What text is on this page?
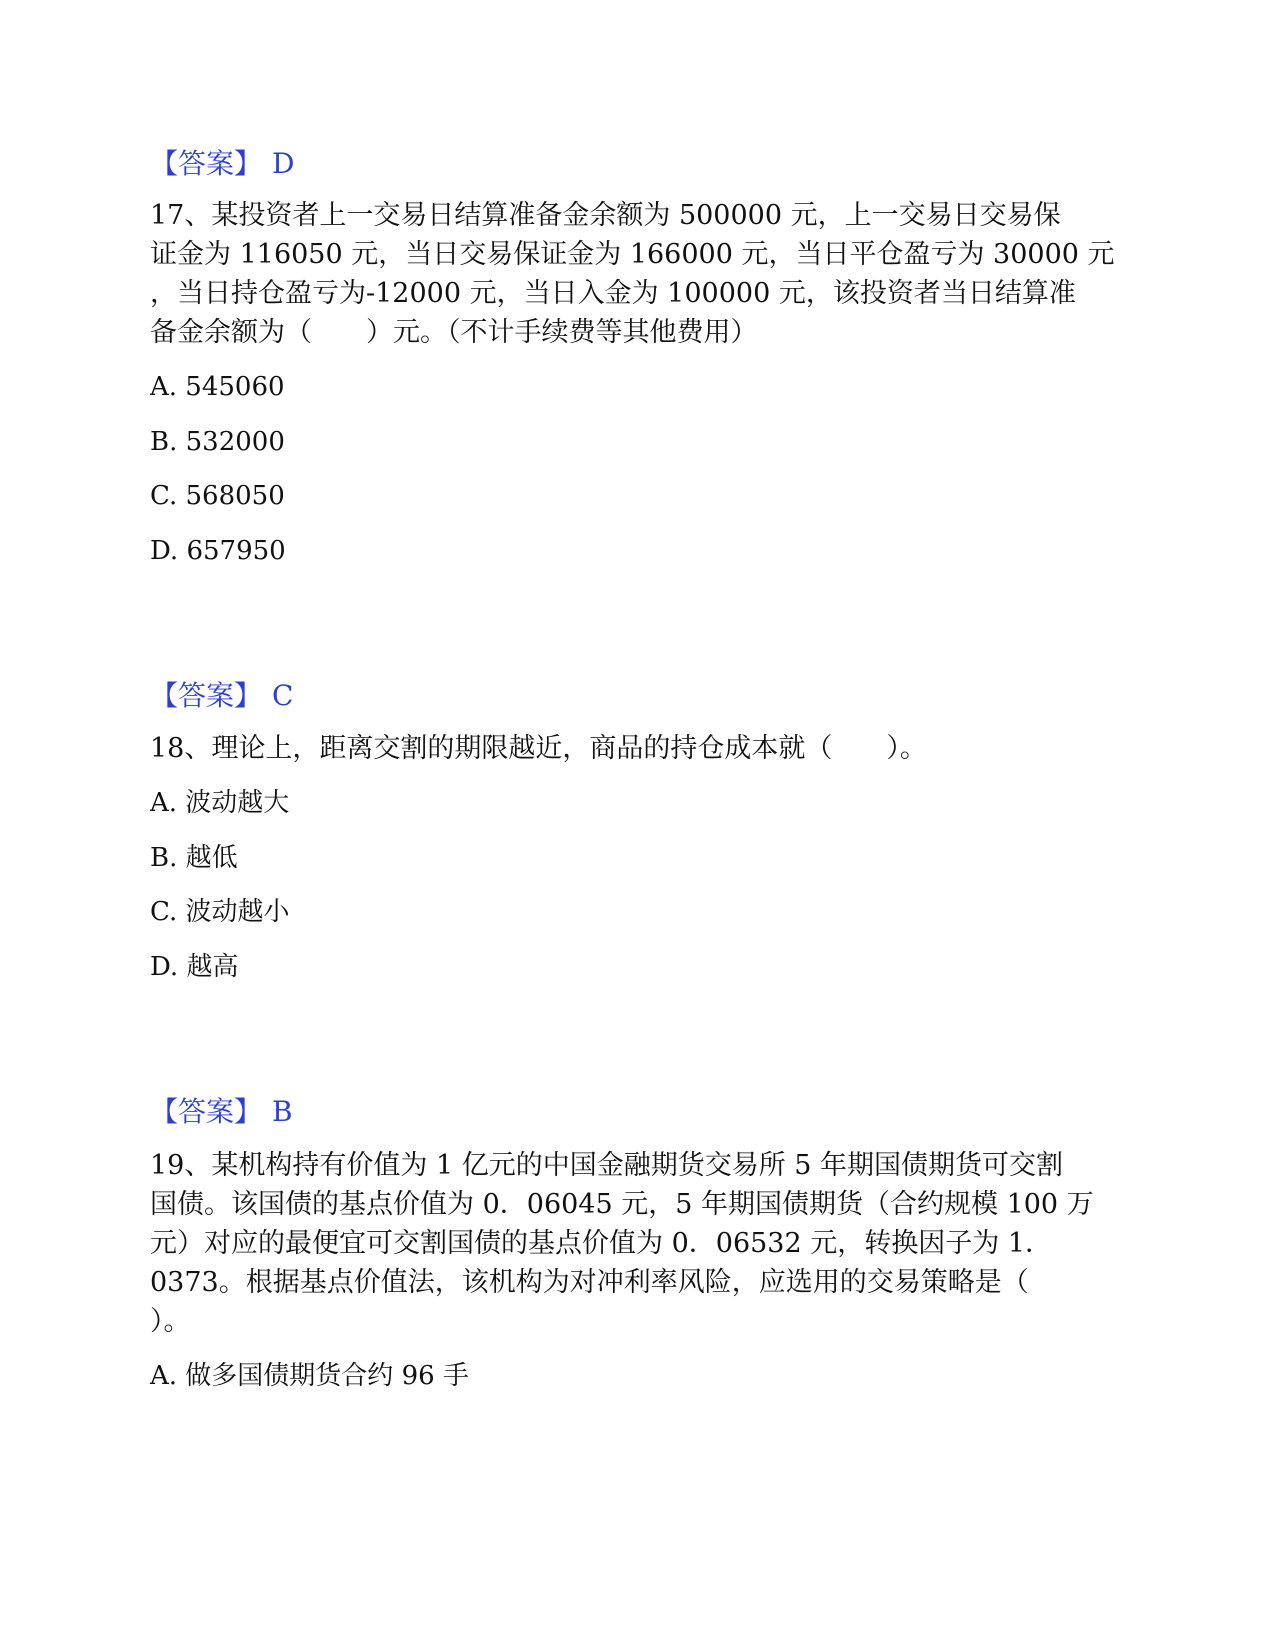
【答案】 D
17、某投资者上一交易日结算准备金余额为 500000 元，上一交易日交易保
证金为 116050 元，当日交易保证金为 166000 元，当日平仓盈亏为 30000 元
，当日持仓盈亏为-12000 元，当日入金为 100000 元，该投资者当日结算准
备金余额为（　　）元。（不计手续费等其他费用）
A. 545060
B. 532000
C. 568050
D. 657950
【答案】 C
18、理论上，距离交割的期限越近，商品的持仓成本就（　　）。
A. 波动越大
B. 越低
C. 波动越小
D. 越高
【答案】 B
19、某机构持有价值为 1 亿元的中国金融期货交易所 5 年期国债期货可交割
国债。该国债的基点价值为 0．06045 元，5 年期国债期货（合约规模 100 万
元）对应的最便宜可交割国债的基点价值为 0．06532 元，转换因子为 1．
0373。根据基点价值法，该机构为对冲利率风险，应选用的交易策略是（
）。
A. 做多国债期货合约 96 手
